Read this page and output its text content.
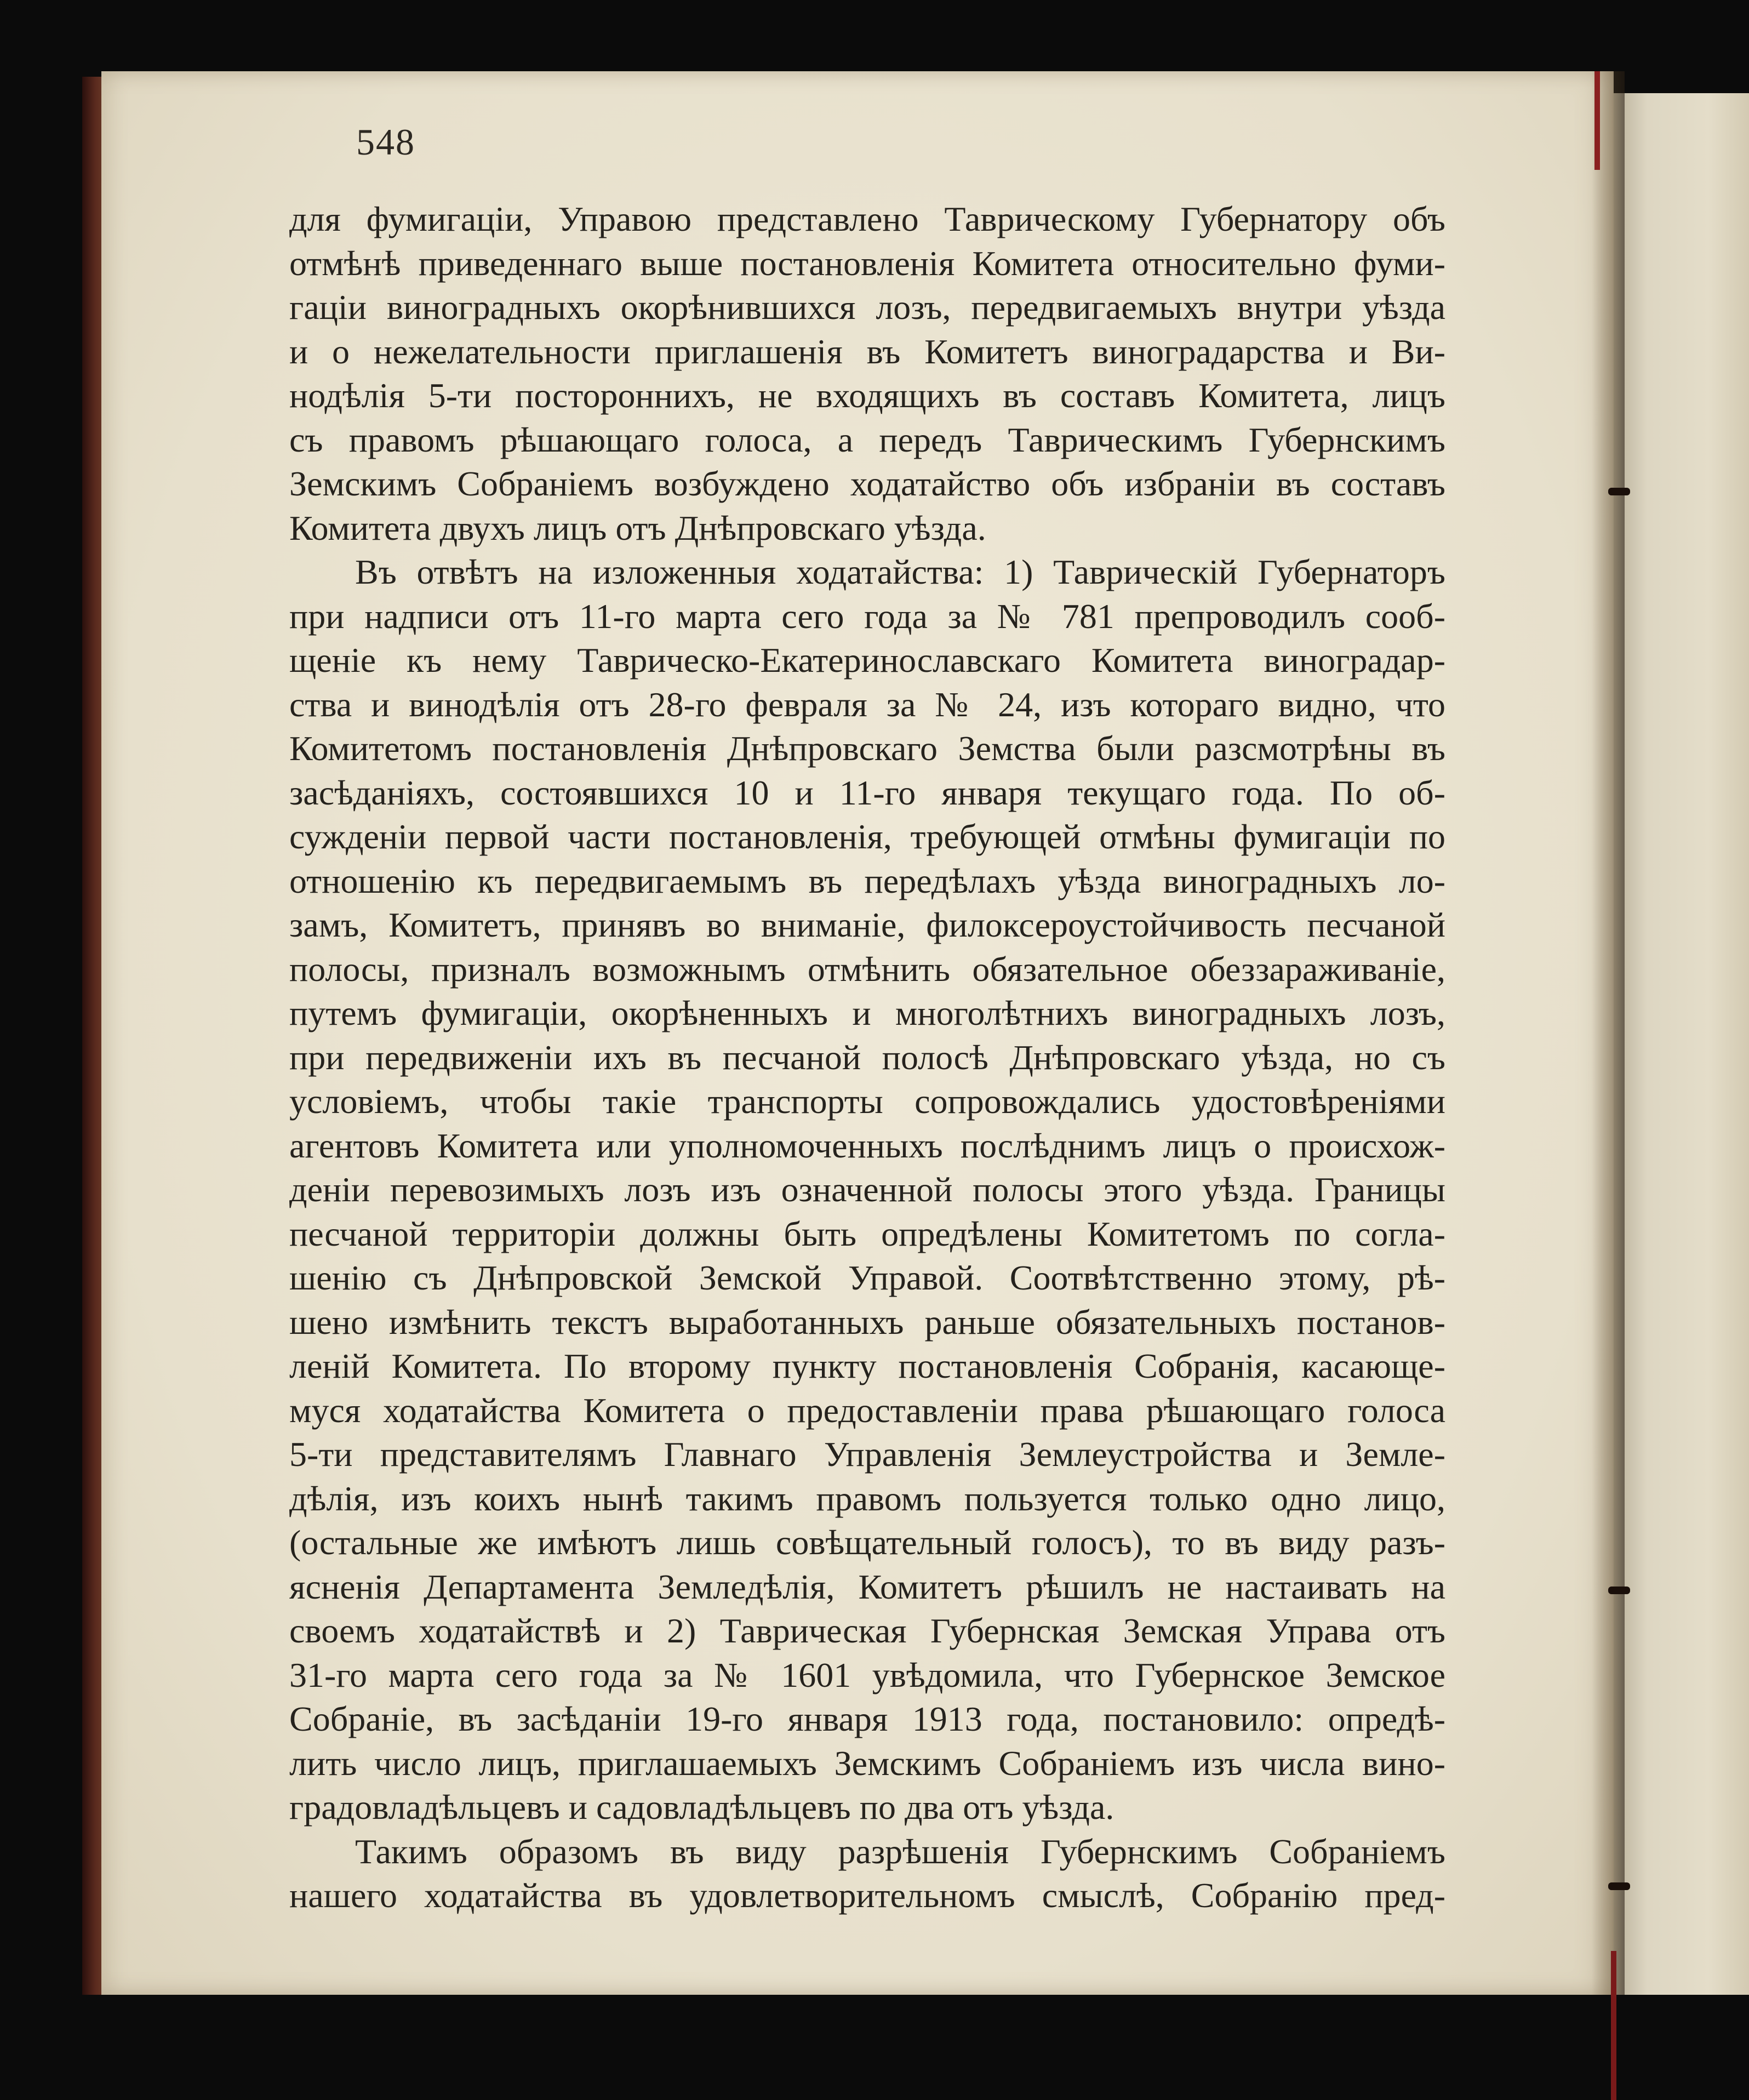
548
для фумигаціи, Управою представлено Таврическому Губернатору объ
отмѣнѣ приведеннаго выше постановленія Комитета относительно фуми-
гаціи виноградныхъ окорѣнившихся лозъ, передвигаемыхъ внутри уѣзда
и о нежелательности приглашенія въ Комитетъ виноградарства и Ви-
нодѣлія 5-ти постороннихъ, не входящихъ въ составъ Комитета, лицъ
съ правомъ рѣшающаго голоса, а передъ Таврическимъ Губернскимъ
Земскимъ Собраніемъ возбуждено ходатайство объ избраніи въ составъ
Комитета двухъ лицъ отъ Днѣпровскаго уѣзда.
Въ отвѣтъ на изложенныя ходатайства: 1) Таврическій Губернаторъ
при надписи отъ 11-го марта сего года за № 781 препроводилъ сооб-
щеніе къ нему Таврическо-Екатеринославскаго Комитета виноградар-
ства и винодѣлія отъ 28-го февраля за № 24, изъ котораго видно, что
Комитетомъ постановленія Днѣпровскаго Земства были разсмотрѣны въ
засѣданіяхъ, состоявшихся 10 и 11-го января текущаго года. По об-
сужденіи первой части постановленія, требующей отмѣны фумигаціи по
отношенію къ передвигаемымъ въ передѣлахъ уѣзда виноградныхъ ло-
замъ, Комитетъ, принявъ во вниманіе, филоксероустойчивость песчаной
полосы, призналъ возможнымъ отмѣнить обязательное обеззараживаніе,
путемъ фумигаціи, окорѣненныхъ и многолѣтнихъ виноградныхъ лозъ,
при передвиженіи ихъ въ песчаной полосѣ Днѣпровскаго уѣзда, но съ
условіемъ, чтобы такіе транспорты сопровождались удостовѣреніями
агентовъ Комитета или уполномоченныхъ послѣднимъ лицъ о происхож-
деніи перевозимыхъ лозъ изъ означенной полосы этого уѣзда. Границы
песчаной территоріи должны быть опредѣлены Комитетомъ по согла-
шенію съ Днѣпровской Земской Управой. Соотвѣтственно этому, рѣ-
шено измѣнить текстъ выработанныхъ раньше обязательныхъ постанов-
леній Комитета. По второму пункту постановленія Собранія, касающе-
муся ходатайства Комитета о предоставленіи права рѣшающаго голоса
5-ти представителямъ Главнаго Управленія Землеустройства и Земле-
дѣлія, изъ коихъ нынѣ такимъ правомъ пользуется только одно лицо,
(остальные же имѣютъ лишь совѣщательный голосъ), то въ виду разъ-
ясненія Департамента Земледѣлія, Комитетъ рѣшилъ не настаивать на
своемъ ходатайствѣ и 2) Таврическая Губернская Земская Управа отъ
31-го марта сего года за № 1601 увѣдомила, что Губернское Земское
Собраніе, въ засѣданіи 19-го января 1913 года, постановило: опредѣ-
лить число лицъ, приглашаемыхъ Земскимъ Собраніемъ изъ числа вино-
градовладѣльцевъ и садовладѣльцевъ по два отъ уѣзда.
Такимъ образомъ въ виду разрѣшенія Губернскимъ Собраніемъ
нашего ходатайства въ удовлетворительномъ смыслѣ, Собранію пред-
